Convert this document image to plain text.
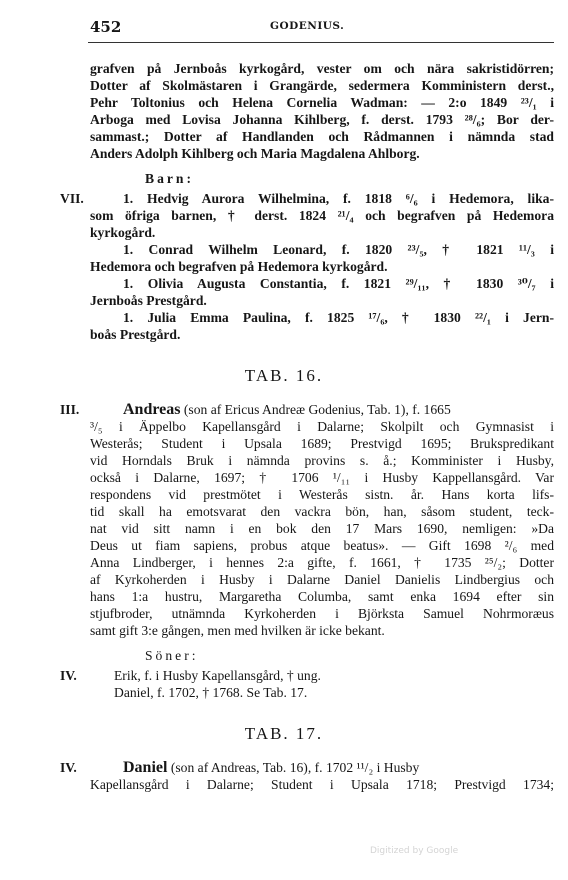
452	GODENIUS.
grafven på Jernboås kyrkogård, vester om och nära sakristidörren;
Dotter af Skolmästaren i Grangärde, sedermera Komministern derst.,
Pehr Toltonius och Helena Cornelia Wadman: — 2:o 1849 ²³/₁ i
Arboga med Lovisa Johanna Kihlberg, f. derst. 1793 ²⁸/₆; Bor der-
sammast.; Dotter af Handlanden och Rådmannen i nämnda stad
Anders Adolph Kihlberg och Maria Magdalena Ahlborg.
Barn:
VII.	1. Hedvig Aurora Wilhelmina, f. 1818 ⁶/₆ i Hedemora, lika-
som öfriga barnen, † derst. 1824 ²¹/₄ och begrafven på Hedemora
kyrkogård.
1. Conrad Wilhelm Leonard, f. 1820 ²³/₅, † 1821 ¹¹/₃ i
Hedemora och begrafven på Hedemora kyrkogård.
1. Olivia Augusta Constantia, f. 1821 ²⁹/₁₁, † 1830 ³⁰/₇ i
Jernboås Prestgård.
1. Julia Emma Paulina, f. 1825 ¹⁷/₆, † 1830 ²²/₁ i Jern-
boås Prestgård.
TAB. 16.
III.	Andreas (son af Ericus Andreæ Godenius, Tab. 1), f. 1665
³/₅ i Äppelbo Kapellansgård i Dalarne; Skolpilt och Gymnasist i
Westerås; Student i Upsala 1689; Prestvigd 1695; Brukspredikant
vid Horndals Bruk i nämnda provins s. å.; Komminister i Husby,
också i Dalarne, 1697; † 1706 ¹/₁₁ i Husby Kappellansgård. Var
respondens vid prestmötet i Westerås sistn. år. Hans korta lifs-
tid skall ha emotsvarat den vackra bön, han, såsom student, teck-
nat vid sitt namn i en bok den 17 Mars 1690, nemligen: »Da
Deus ut fiam sapiens, probus atque beatus». — Gift 1698 ²/₆ med
Anna Lindberger, i hennes 2:a gifte, f. 1661, † 1735 ²⁵/₂; Dotter
af Kyrkoherden i Husby i Dalarne Daniel Danielis Lindbergius och
hans 1:a hustru, Margaretha Columba, samt enka 1694 efter sin
stjufbroder, utnämnda Kyrkoherden i Björksta Samuel Nohrmoræus
samt gift 3:e gången, men med hvilken är icke bekant.
Söner:
IV.	Erik, f. i Husby Kapellansgård, † ung.
Daniel, f. 1702, † 1768. Se Tab. 17.
TAB. 17.
IV.	Daniel (son af Andreas, Tab. 16), f. 1702 ¹¹/₂ i Husby
Kapellansgård i Dalarne; Student i Upsala 1718; Prestvigd 1734;
Digitized by Google
